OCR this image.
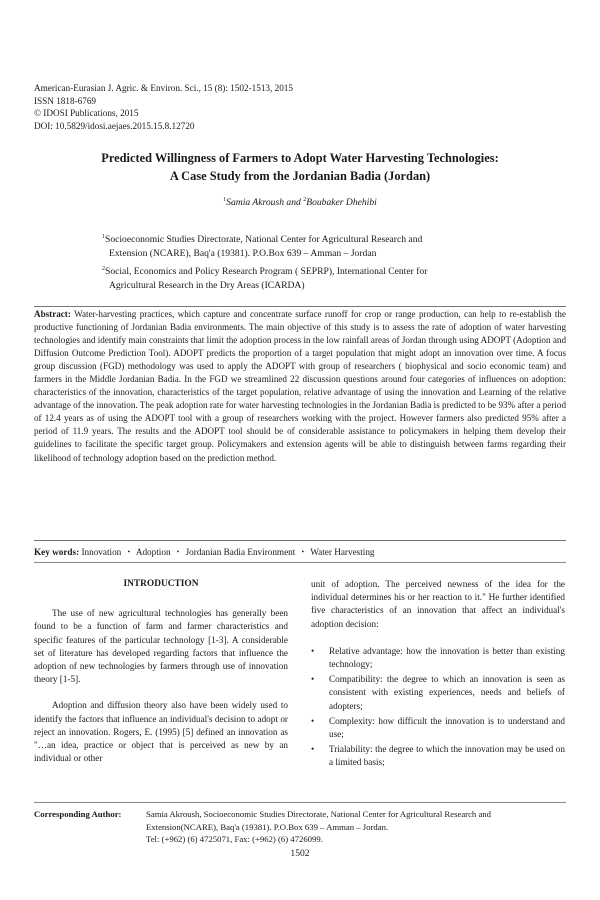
American-Eurasian J. Agric. & Environ. Sci., 15 (8): 1502-1513, 2015
ISSN 1818-6769
© IDOSI Publications, 2015
DOI: 10.5829/idosi.aejaes.2015.15.8.12720
Predicted Willingness of Farmers to Adopt Water Harvesting Technologies:
A Case Study from the Jordanian Badia (Jordan)
$^1$Samia Akroush and $^2$Boubaker Dhehibi
$^1$Socioeconomic Studies Directorate, National Center for Agricultural Research and
Extension (NCARE), Baq'a (19381). P.O.Box 639 – Amman – Jordan
$^2$Social, Economics and Policy Research Program ( SEPRP), International Center for
Agricultural Research in the Dry Areas (ICARDA)
Abstract: Water-harvesting practices, which capture and concentrate surface runoff for crop or range production, can help to re-establish the productive functioning of Jordanian Badia environments. The main objective of this study is to assess the rate of adoption of water harvesting technologies and identify main constraints that limit the adoption process in the low rainfall areas of Jordan through using ADOPT (Adoption and Diffusion Outcome Prediction Tool). ADOPT predicts the proportion of a target population that might adopt an innovation over time. A focus group discussion (FGD) methodology was used to apply the ADOPT with group of researchers ( biophysical and socio economic team) and farmers in the Middle Jordanian Badia. In the FGD we streamlined 22 discussion questions around four categories of influences on adoption: characteristics of the innovation, characteristics of the target population, relative advantage of using the innovation and Learning of the relative advantage of the innovation. The peak adoption rate for water harvesting technologies in the Jordanian Badia is predicted to be 93% after a period of 12.4 years as of using the ADOPT tool with a group of researchers working with the project. However farmers also predicted 95% after a period of 11.9 years. The results and the ADOPT tool should be of considerable assistance to policymakers in helping them develop their guidelines to facilitate the specific target group. Policymakers and extension agents will be able to distinguish between farms regarding their likelihood of technology adoption based on the prediction method.
Key words: Innovation • Adoption • Jordanian Badia Environment • Water Harvesting

INTRODUCTION

The use of new agricultural technologies has generally been found to be a function of farm and farmer characteristics and specific features of the particular technology [1-3]. A considerable set of literature has developed regarding factors that influence the adoption of new technologies by farmers through use of innovation theory [1-5].

Adoption and diffusion theory also have been widely used to identify the factors that influence an individual's decision to adopt or reject an innovation. Rogers, E. (1995) [5] defined an innovation as "…an idea, practice or object that is perceived as new by an individual or other

unit of adoption. The perceived newness of the idea for the individual determines his or her reaction to it." He further identified five characteristics of an innovation that affect an individual's adoption decision:

• Relative advantage: how the innovation is better than existing technology;
• Compatibility: the degree to which an innovation is seen as consistent with existing experiences, needs and beliefs of adopters;
• Complexity: how difficult the innovation is to understand and use;
• Trialability: the degree to which the innovation may be used on a limited basis;
Corresponding Author:	Samia Akroush, Socioeconomic Studies Directorate, National Center for Agricultural Research and
Extension(NCARE), Baq'a (19381). P.O.Box 639 – Amman – Jordan.
Tel: (+962) (6) 4725071, Fax: (+962) (6) 4726099.
1502
